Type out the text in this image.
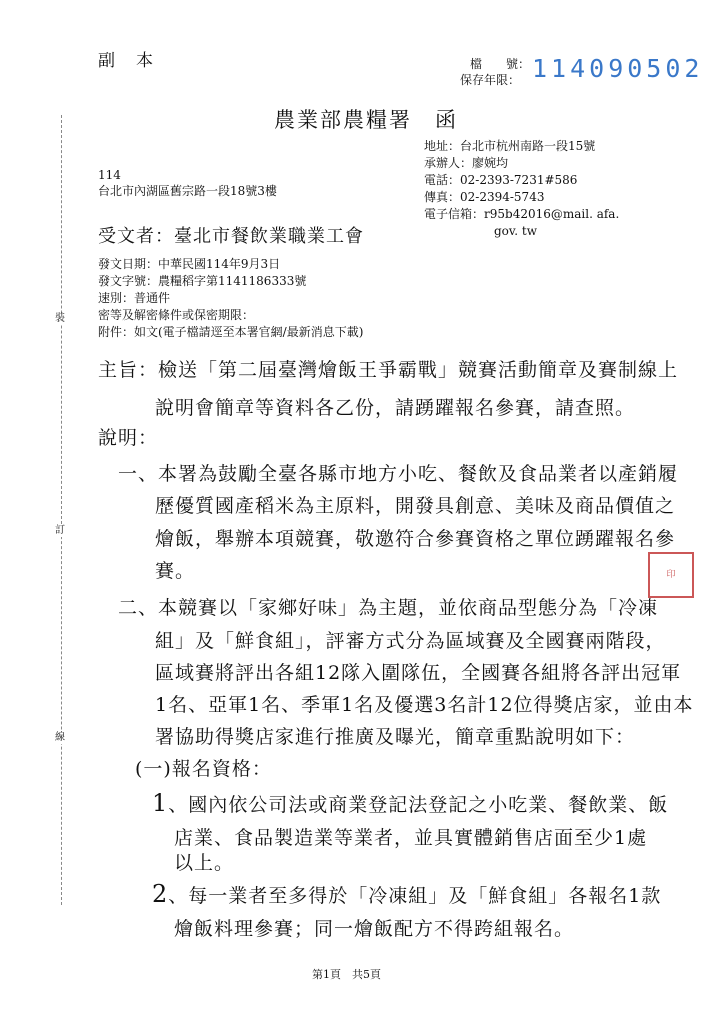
裝
訂
線
副　本	檔　　號：
保存年限： 114090502
農業部農糧署　函
地址：台北市杭州南路一段15號
承辦人：廖婉均
電話：02-2393-7231#586
傳真：02-2394-5743
電子信箱：r95b42016@mail. afa.
gov. tw
114
台北市內湖區舊宗路一段18號3樓
受文者：臺北市餐飲業職業工會
發文日期：中華民國114年9月3日
發文字號：農糧稻字第1141186333號
速別：普通件
密等及解密條件或保密期限：
附件：如文(電子檔請逕至本署官網/最新消息下載)
主旨：檢送「第二屆臺灣燴飯王爭霸戰」競賽活動簡章及賽制線上
說明會簡章等資料各乙份，請踴躍報名參賽，請查照。
說明：
一、本署為鼓勵全臺各縣市地方小吃、餐飲及食品業者以產銷履
歷優質國產稻米為主原料，開發具創意、美味及商品價值之
燴飯，舉辦本項競賽，敬邀符合參賽資格之單位踴躍報名參
賽。
二、本競賽以「家鄉好味」為主題，並依商品型態分為「冷凍
組」及「鮮食組」，評審方式分為區域賽及全國賽兩階段，
區域賽將評出各組12隊入圍隊伍，全國賽各組將各評出冠軍
1名、亞軍1名、季軍1名及優選3名計12位得獎店家，並由本
署協助得獎店家進行推廣及曝光，簡章重點說明如下：
(一)報名資格：
1、國內依公司法或商業登記法登記之小吃業、餐飲業、飯
店業、食品製造業等業者，並具實體銷售店面至少1處
以上。
2、每一業者至多得於「冷凍組」及「鮮食組」各報名1款
燴飯料理參賽；同一燴飯配方不得跨組報名。
印
第1頁　共5頁
